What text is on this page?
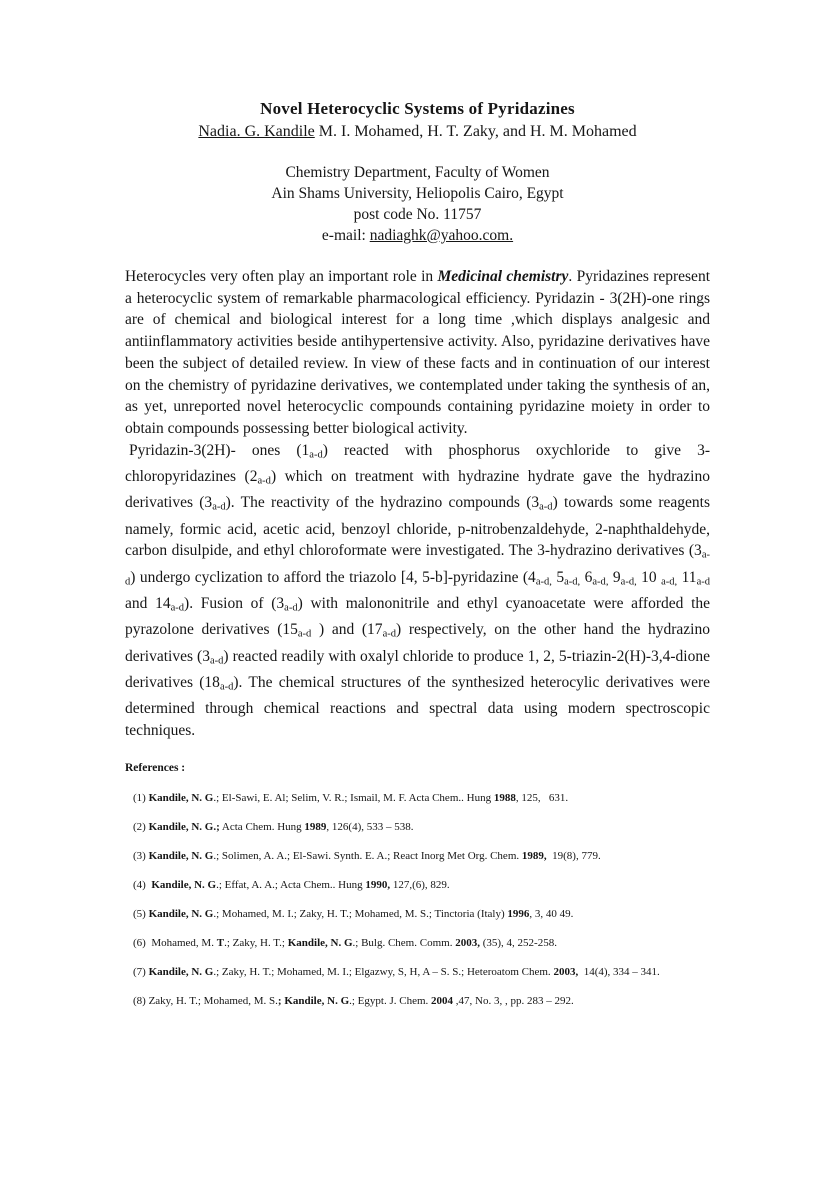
Novel Heterocyclic Systems of Pyridazines
Nadia. G. Kandile M. I. Mohamed, H. T. Zaky, and H. M. Mohamed
Chemistry Department, Faculty of Women
Ain Shams University, Heliopolis Cairo, Egypt
post code No. 11757
e-mail: nadiaghk@yahoo.com.

Heterocycles very often play an important role in Medicinal chemistry. Pyridazines represent a heterocyclic system of remarkable pharmacological efficiency. Pyridazin - 3(2H)-one rings are of chemical and biological interest for a long time ,which displays analgesic and antiinflammatory activities beside antihypertensive activity. Also, pyridazine derivatives have been the subject of detailed review. In view of these facts and in continuation of our interest on the chemistry of pyridazine derivatives, we contemplated under taking the synthesis of an, as yet, unreported novel heterocyclic compounds containing pyridazine moiety in order to obtain compounds possessing better biological activity.

Pyridazin-3(2H)- ones (1a-d) reacted with phosphorus oxychloride to give 3-chloropyridazines (2a-d) which on treatment with hydrazine hydrate gave the hydrazino derivatives (3a-d). The reactivity of the hydrazino compounds (3a-d) towards some reagents namely, formic acid, acetic acid, benzoyl chloride, p-nitrobenzaldehyde, 2-naphthaldehyde, carbon disulpide, and ethyl chloroformate were investigated. The 3-hydrazino derivatives (3a-d) undergo cyclization to afford the triazolo [4, 5-b]-pyridazine (4a-d, 5a-d, 6a-d, 9a-d, 10 a-d, 11a-d and 14a-d). Fusion of (3a-d) with malononitrile and ethyl cyanoacetate were afforded the pyrazolone derivatives (15a-d ) and (17a-d) respectively, on the other hand the hydrazino derivatives (3a-d) reacted readily with oxalyl chloride to produce 1, 2, 5-triazin-2(H)-3,4-dione derivatives (18a-d). The chemical structures of the synthesized heterocylic derivatives were determined through chemical reactions and spectral data using modern spectroscopic techniques.

References :
(1) Kandile, N. G.; El-Sawi, E. Al; Selim, V. R.; Ismail, M. F. Acta Chem.. Hung 1988, 125,   631.
(2) Kandile, N. G.; Acta Chem. Hung 1989, 126(4), 533 – 538.
(3) Kandile, N. G.; Solimen, A. A.; El-Sawi. Synth. E. A.; React Inorg Met Org. Chem. 1989,  19(8), 779.
(4)  Kandile, N. G.; Effat, A. A.; Acta Chem.. Hung 1990, 127,(6), 829.
(5) Kandile, N. G.; Mohamed, M. I.; Zaky, H. T.; Mohamed, M. S.; Tinctoria (Italy) 1996, 3, 40 49.
(6)  Mohamed, M. T.; Zaky, H. T.; Kandile, N. G.; Bulg. Chem. Comm. 2003, (35), 4, 252-258.
(7) Kandile, N. G.; Zaky, H. T.; Mohamed, M. I.; Elgazwy, S, H, A – S. S.; Heteroatom Chem. 2003,  14(4), 334 – 341.
(8) Zaky, H. T.; Mohamed, M. S.; Kandile, N. G.; Egypt. J. Chem. 2004 ,47, No. 3, , pp. 283 – 292.
